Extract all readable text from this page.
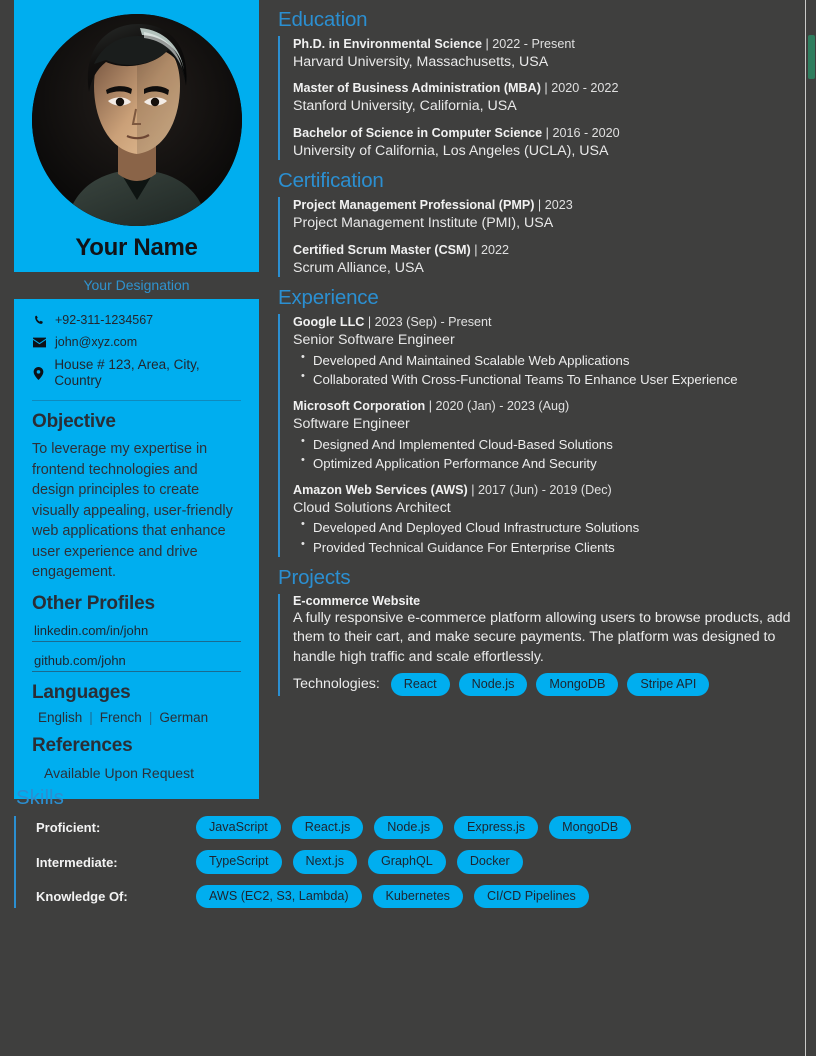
Your Name
Your Designation
+92-311-1234567
john@xyz.com
House # 123, Area, City, Country
Objective
To leverage my expertise in frontend technologies and design principles to create visually appealing, user-friendly web applications that enhance user experience and drive engagement.
Other Profiles
linkedin.com/in/john
github.com/john
Languages
English | French | German
References
Available Upon Request
Education
Ph.D. in Environmental Science | 2022 - Present
Harvard University, Massachusetts, USA
Master of Business Administration (MBA) | 2020 - 2022
Stanford University, California, USA
Bachelor of Science in Computer Science | 2016 - 2020
University of California, Los Angeles (UCLA), USA
Certification
Project Management Professional (PMP) | 2023
Project Management Institute (PMI), USA
Certified Scrum Master (CSM) | 2022
Scrum Alliance, USA
Experience
Google LLC | 2023 (Sep) - Present
Senior Software Engineer
• Developed And Maintained Scalable Web Applications
• Collaborated With Cross-Functional Teams To Enhance User Experience
Microsoft Corporation | 2020 (Jan) - 2023 (Aug)
Software Engineer
• Designed And Implemented Cloud-Based Solutions
• Optimized Application Performance And Security
Amazon Web Services (AWS) | 2017 (Jun) - 2019 (Dec)
Cloud Solutions Architect
• Developed And Deployed Cloud Infrastructure Solutions
• Provided Technical Guidance For Enterprise Clients
Projects
E-commerce Website
A fully responsive e-commerce platform allowing users to browse products, add them to their cart, and make secure payments. The platform was designed to handle high traffic and scale effortlessly.
Technologies:	React	Node.js	MongoDB	Stripe API
Skills
Proficient:	JavaScript	React.js	Node.js	Express.js	MongoDB
Intermediate:	TypeScript	Next.js	GraphQL	Docker
Knowledge Of:	AWS (EC2, S3, Lambda)	Kubernetes	CI/CD Pipelines
